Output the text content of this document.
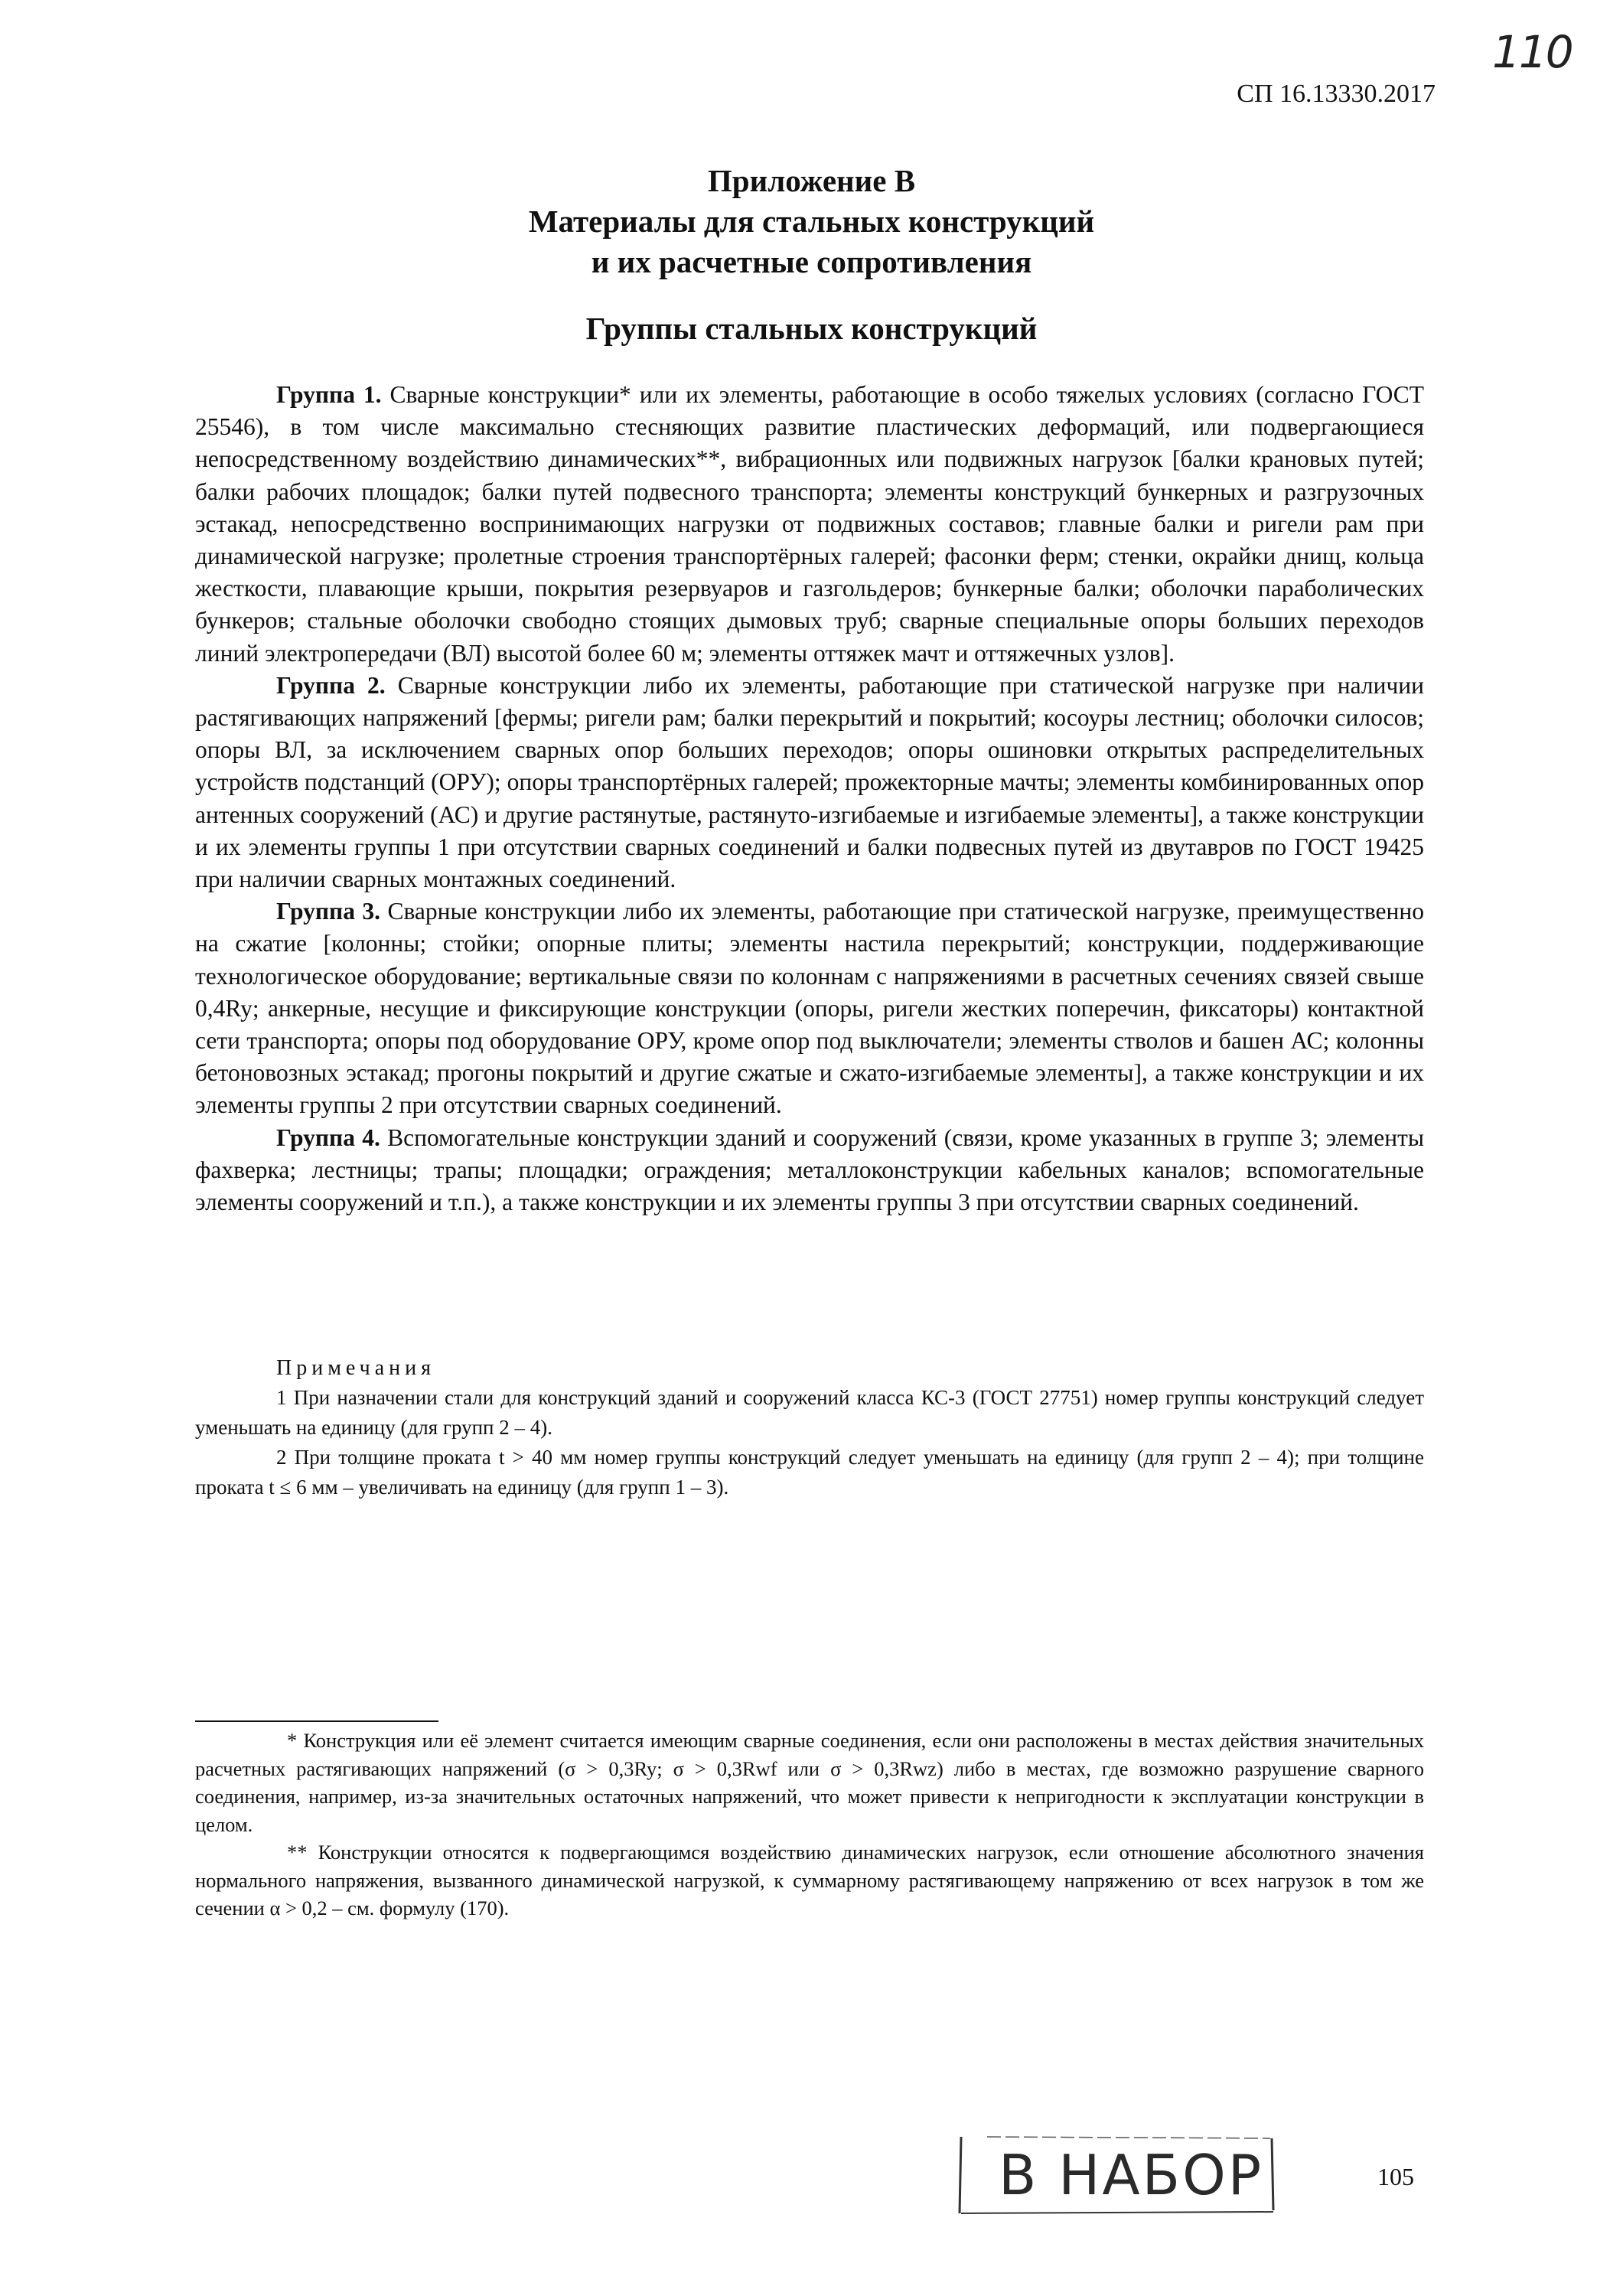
110
СП 16.13330.2017
Приложение В
Материалы для стальных конструкций
и их расчетные сопротивления
Группы стальных конструкций

Группа 1. Сварные конструкции* или их элементы, работающие в особо тяжелых условиях (согласно ГОСТ 25546), в том числе максимально стесняющих развитие пластических деформаций, или подвергающиеся непосредственному воздействию динамических**, вибрационных или подвижных нагрузок [балки крановых путей; балки рабочих площадок; балки путей подвесного транспорта; элементы конструкций бункерных и разгрузочных эстакад, непосредственно воспринимающих нагрузки от подвижных составов; главные балки и ригели рам при динамической нагрузке; пролетные строения транспортёрных галерей; фасонки ферм; стенки, окрайки днищ, кольца жесткости, плавающие крыши, покрытия резервуаров и газгольдеров; бункерные балки; оболочки параболических бункеров; стальные оболочки свободно стоящих дымовых труб; сварные специальные опоры больших переходов линий электропередачи (ВЛ) высотой более 60 м; элементы оттяжек мачт и оттяжечных узлов].

Группа 2. Сварные конструкции либо их элементы, работающие при статической нагрузке при наличии растягивающих напряжений [фермы; ригели рам; балки перекрытий и покрытий; косоуры лестниц; оболочки силосов; опоры ВЛ, за исключением сварных опор больших переходов; опоры ошиновки открытых распределительных устройств подстанций (ОРУ); опоры транспортёрных галерей; прожекторные мачты; элементы комбинированных опор антенных сооружений (АС) и другие растянутые, растянуто-изгибаемые и изгибаемые элементы], а также конструкции и их элементы группы 1 при отсутствии сварных соединений и балки подвесных путей из двутавров по ГОСТ 19425 при наличии сварных монтажных соединений.

Группа 3. Сварные конструкции либо их элементы, работающие при статической нагрузке, преимущественно на сжатие [колонны; стойки; опорные плиты; элементы настила перекрытий; конструкции, поддерживающие технологическое оборудование; вертикальные связи по колоннам с напряжениями в расчетных сечениях связей свыше 0,4Ry; анкерные, несущие и фиксирующие конструкции (опоры, ригели жестких поперечин, фиксаторы) контактной сети транспорта; опоры под оборудование ОРУ, кроме опор под выключатели; элементы стволов и башен АС; колонны бетоновозных эстакад; прогоны покрытий и другие сжатые и сжато-изгибаемые элементы], а также конструкции и их элементы группы 2 при отсутствии сварных соединений.

Группа 4. Вспомогательные конструкции зданий и сооружений (связи, кроме указанных в группе 3; элементы фахверка; лестницы; трапы; площадки; ограждения; металлоконструкции кабельных каналов; вспомогательные элементы сооружений и т.п.), а также конструкции и их элементы группы 3 при отсутствии сварных соединений.

Примечания

1 При назначении стали для конструкций зданий и сооружений класса КС-3 (ГОСТ 27751) номер группы конструкций следует уменьшать на единицу (для групп 2 – 4).

2 При толщине проката t > 40 мм номер группы конструкций следует уменьшать на единицу (для групп 2 – 4); при толщине проката t ≤ 6 мм – увеличивать на единицу (для групп 1 – 3).

* Конструкция или её элемент считается имеющим сварные соединения, если они расположены в местах действия значительных расчетных растягивающих напряжений (σ > 0,3Ry; σ > 0,3Rwf или σ > 0,3Rwz) либо в местах, где возможно разрушение сварного соединения, например, из-за значительных остаточных напряжений, что может привести к непригодности к эксплуатации конструкции в целом.

** Конструкции относятся к подвергающимся воздействию динамических нагрузок, если отношение абсолютного значения нормального напряжения, вызванного динамической нагрузкой, к суммарному растягивающему напряжению от всех нагрузок в том же сечении α > 0,2 – см. формулу (170).

В НАБОР	105
